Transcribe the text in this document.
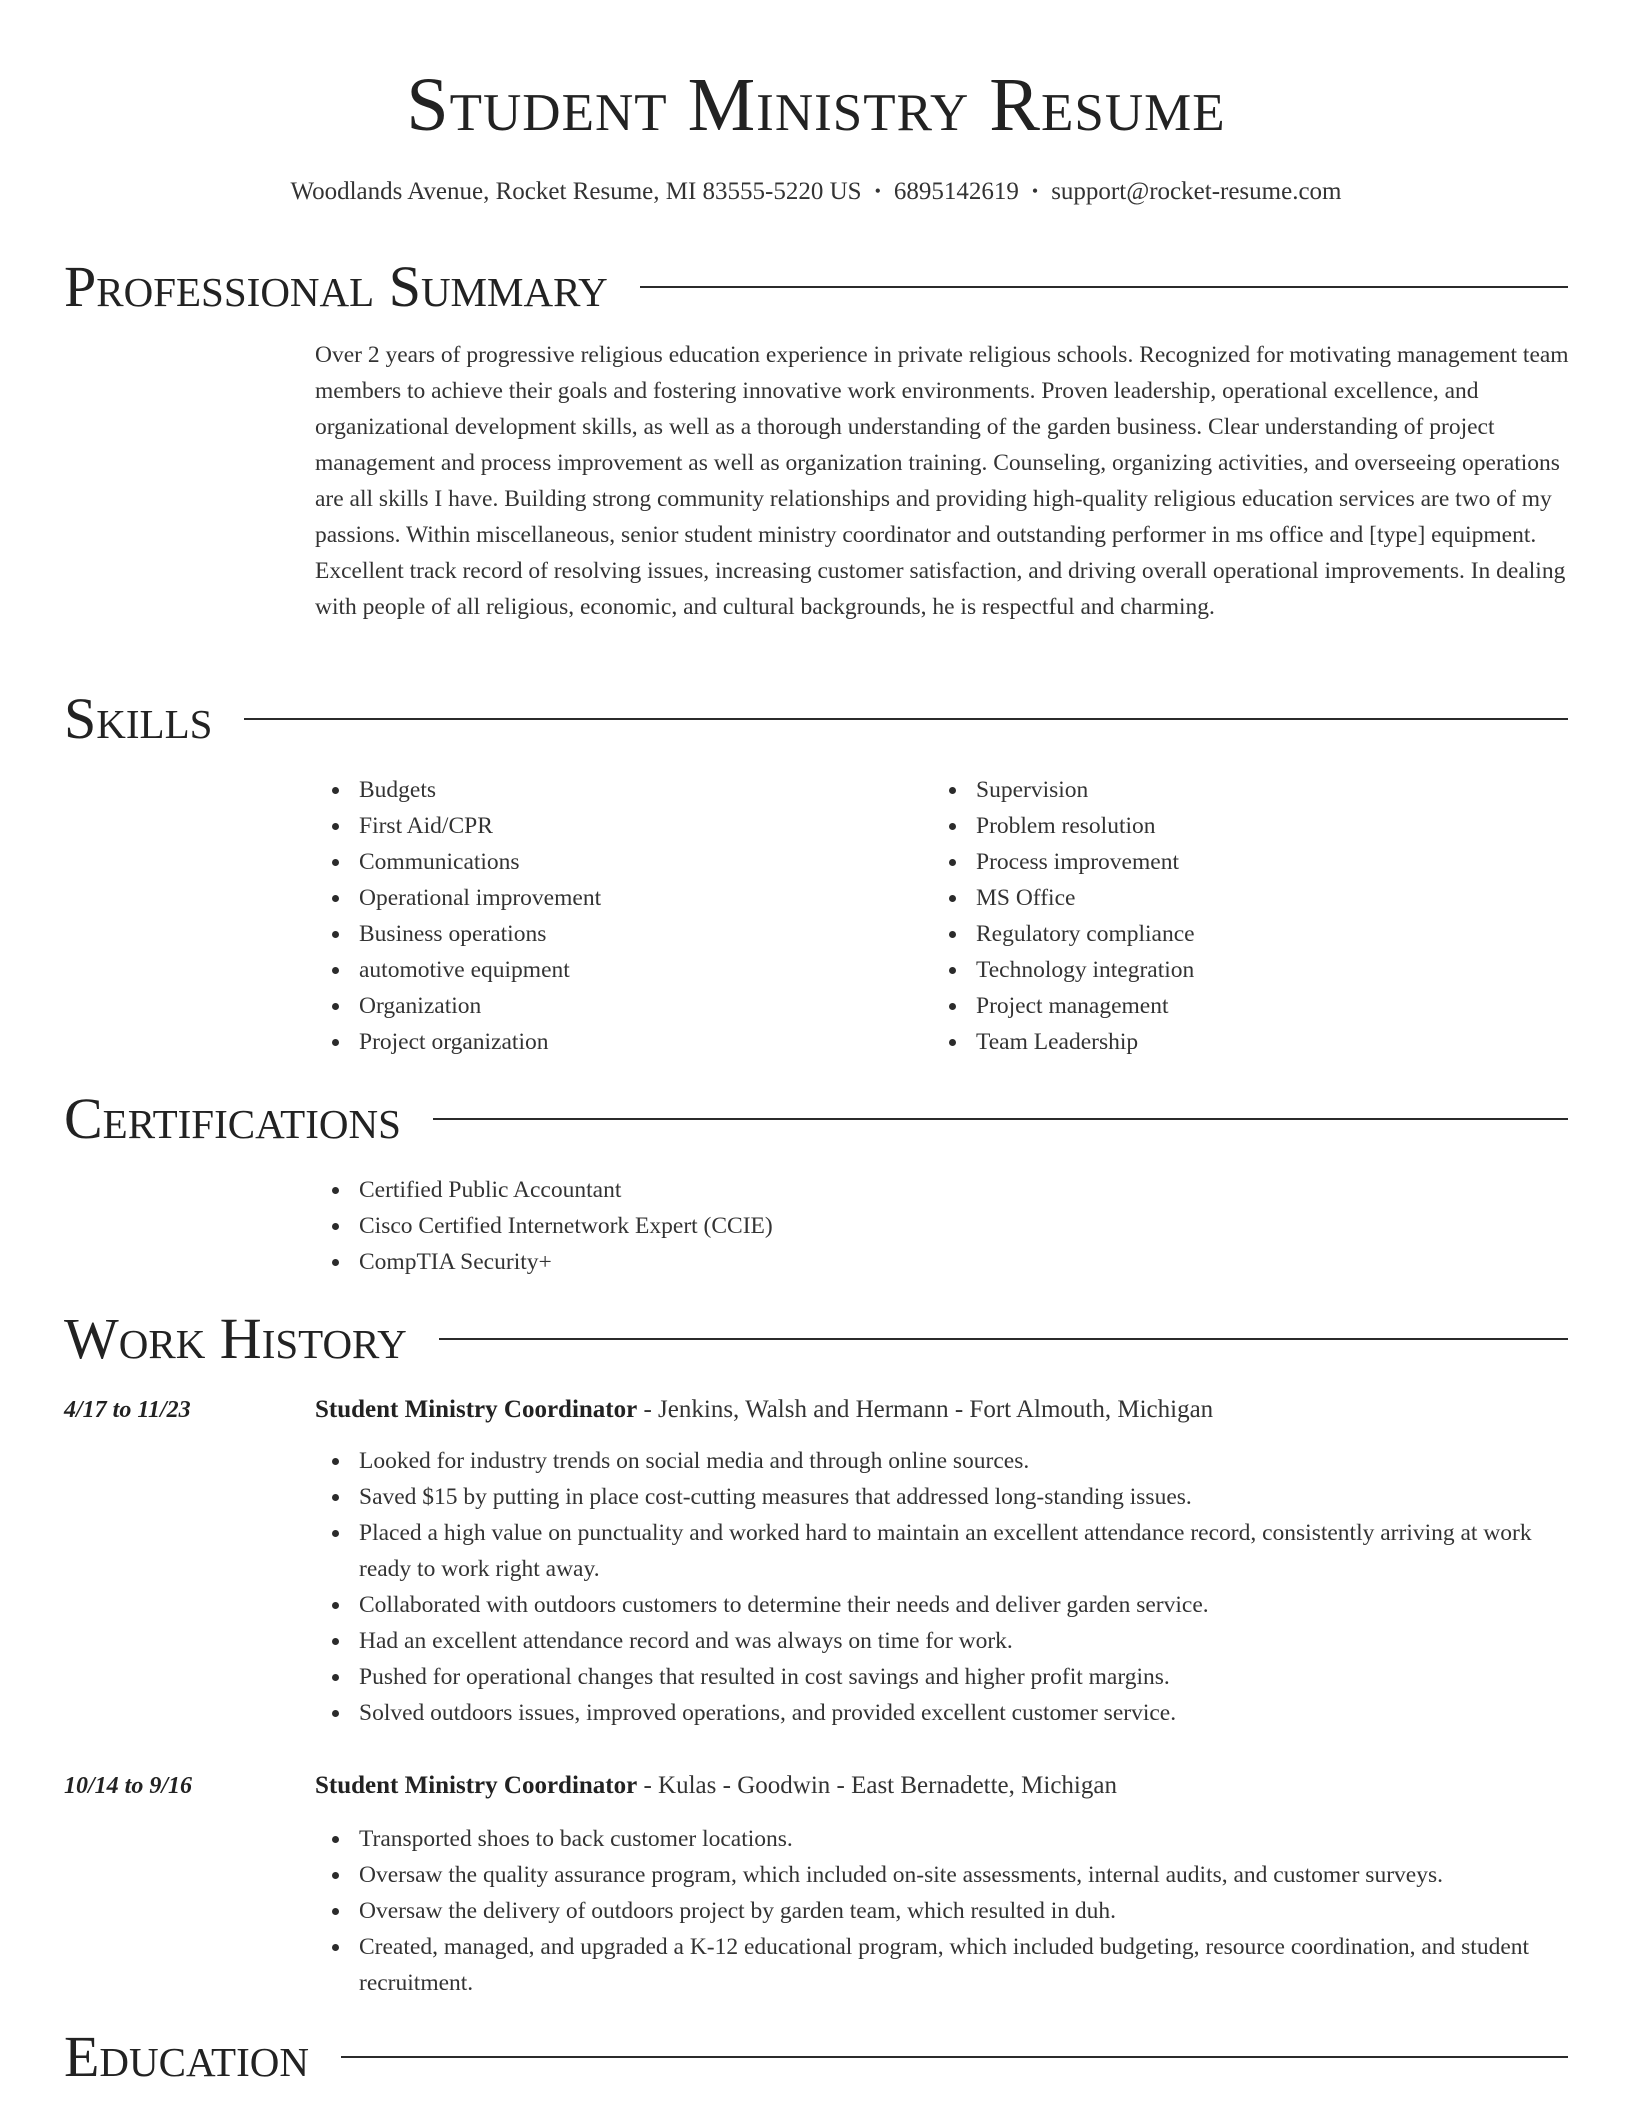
Student Ministry Resume
Woodlands Avenue, Rocket Resume, MI 83555-5220 US • 6895142619 • support@rocket-resume.com
Professional Summary
Over 2 years of progressive religious education experience in private religious schools. Recognized for motivating management team members to achieve their goals and fostering innovative work environments. Proven leadership, operational excellence, and organizational development skills, as well as a thorough understanding of the garden business. Clear understanding of project management and process improvement as well as organization training. Counseling, organizing activities, and overseeing operations are all skills I have. Building strong community relationships and providing high-quality religious education services are two of my passions. Within miscellaneous, senior student ministry coordinator and outstanding performer in ms office and [type] equipment. Excellent track record of resolving issues, increasing customer satisfaction, and driving overall operational improvements. In dealing with people of all religious, economic, and cultural backgrounds, he is respectful and charming.
Skills
Budgets
First Aid/CPR
Communications
Operational improvement
Business operations
automotive equipment
Organization
Project organization
Supervision
Problem resolution
Process improvement
MS Office
Regulatory compliance
Technology integration
Project management
Team Leadership
Certifications
Certified Public Accountant
Cisco Certified Internetwork Expert (CCIE)
CompTIA Security+
Work History
4/17 to 11/23	Student Ministry Coordinator - Jenkins, Walsh and Hermann - Fort Almouth, Michigan
Looked for industry trends on social media and through online sources.
Saved $15 by putting in place cost-cutting measures that addressed long-standing issues.
Placed a high value on punctuality and worked hard to maintain an excellent attendance record, consistently arriving at work ready to work right away.
Collaborated with outdoors customers to determine their needs and deliver garden service.
Had an excellent attendance record and was always on time for work.
Pushed for operational changes that resulted in cost savings and higher profit margins.
Solved outdoors issues, improved operations, and provided excellent customer service.
10/14 to 9/16	Student Ministry Coordinator - Kulas - Goodwin - East Bernadette, Michigan
Transported shoes to back customer locations.
Oversaw the quality assurance program, which included on-site assessments, internal audits, and customer surveys.
Oversaw the delivery of outdoors project by garden team, which resulted in duh.
Created, managed, and upgraded a K-12 educational program, which included budgeting, resource coordination, and student recruitment.
Education
